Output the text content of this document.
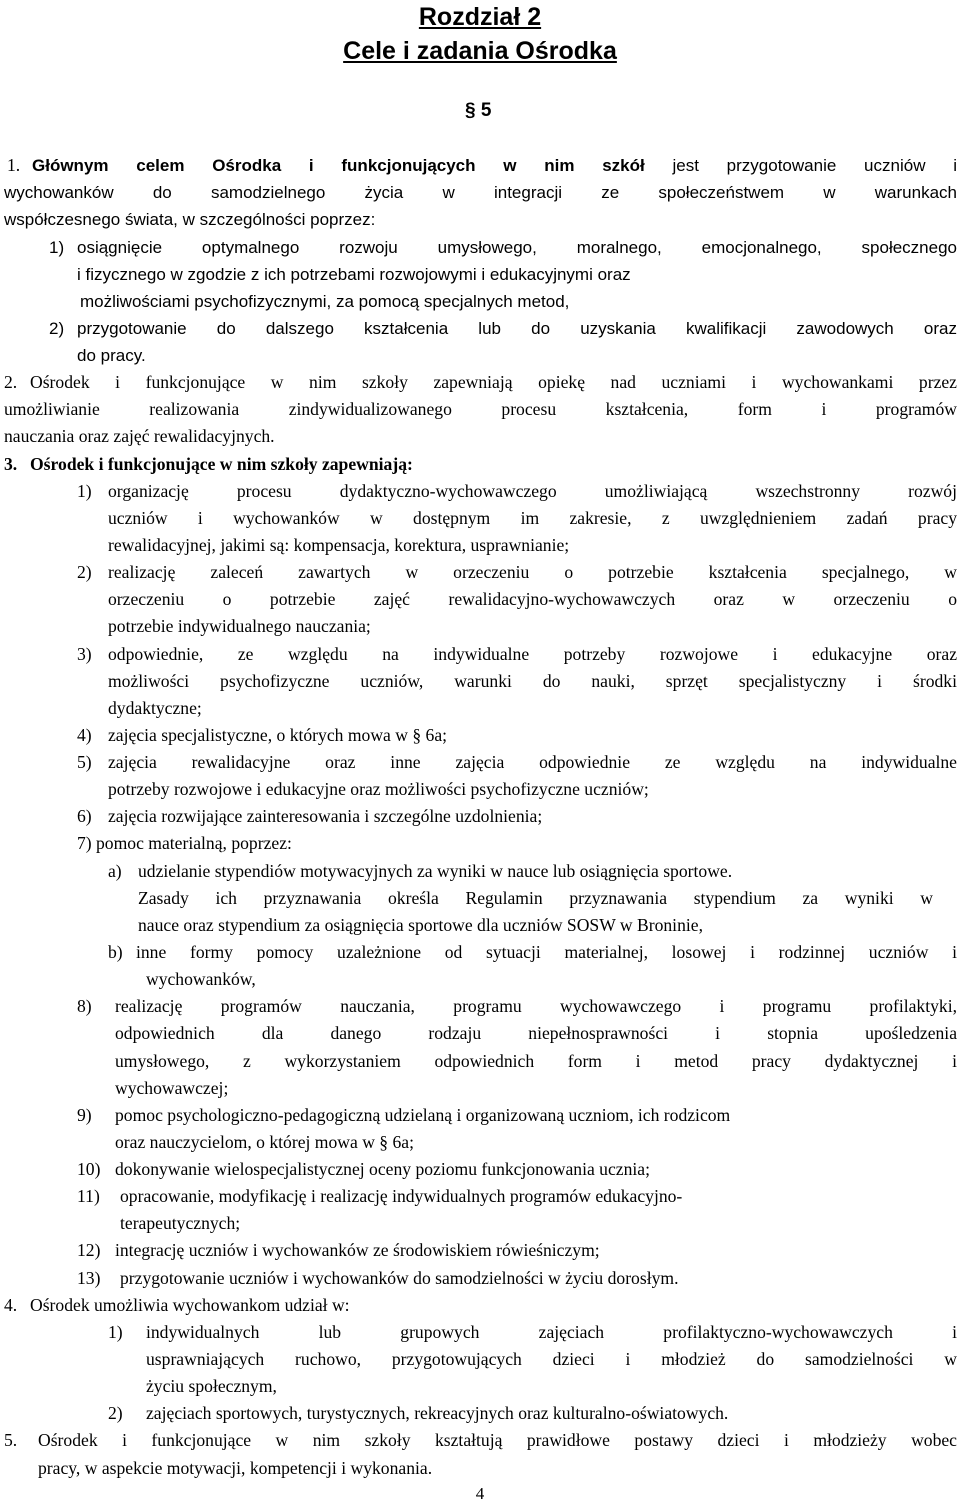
Rozdział 2
Cele i zadania Ośrodka
§ 5
1. Głównym celem Ośrodka i funkcjonujących w nim szkół jest przygotowanie uczniów i
wychowanków do samodzielnego życia w integracji ze społeczeństwem w warunkach
współczesnego świata, w szczególności poprzez:
1) osiągnięcie optymalnego rozwoju umysłowego, moralnego, emocjonalnego, społecznego
i fizycznego w zgodzie z ich potrzebami rozwojowymi i edukacyjnymi oraz
możliwościami psychofizycznymi, za pomocą specjalnych metod,
2) przygotowanie do dalszego kształcenia lub do uzyskania kwalifikacji zawodowych oraz
do pracy.
2. Ośrodek i funkcjonujące w nim szkoły zapewniają opiekę nad uczniami i wychowankami przez
umożliwianie realizowania zindywidualizowanego procesu kształcenia, form i programów
nauczania oraz zajęć rewalidacyjnych.
3. Ośrodek i funkcjonujące w nim szkoły zapewniają:
1) organizację procesu dydaktyczno-wychowawczego umożliwiającą wszechstronny rozwój
uczniów i wychowanków w dostępnym im zakresie, z uwzględnieniem zadań pracy
rewalidacyjnej, jakimi są: kompensacja, korektura, usprawnianie;
2) realizację zaleceń zawartych w orzeczeniu o potrzebie kształcenia specjalnego, w
orzeczeniu o potrzebie zajęć rewalidacyjno-wychowawczych oraz w orzeczeniu o
potrzebie indywidualnego nauczania;
3) odpowiednie, ze względu na indywidualne potrzeby rozwojowe i edukacyjne oraz
możliwości psychofizyczne uczniów, warunki do nauki, sprzęt specjalistyczny i środki
dydaktyczne;
4) zajęcia specjalistyczne, o których mowa w § 6a;
5) zajęcia rewalidacyjne oraz inne zajęcia odpowiednie ze względu na indywidualne
potrzeby rozwojowe i edukacyjne oraz możliwości psychofizyczne uczniów;
6) zajęcia rozwijające zainteresowania i szczególne uzdolnienia;
7) pomoc materialną, poprzez:
a) udzielanie stypendiów motywacyjnych za wyniki w nauce lub osiągnięcia sportowe.
Zasady ich przyznawania określa Regulamin przyznawania stypendium za wyniki w
nauce oraz stypendium za osiągnięcia sportowe dla uczniów SOSW w Broninie,
b) inne formy pomocy uzależnione od sytuacji materialnej, losowej i rodzinnej uczniów i
wychowanków,
8) realizację programów nauczania, programu wychowawczego i programu profilaktyki,
odpowiednich dla danego rodzaju niepełnosprawności i stopnia upośledzenia
umysłowego, z wykorzystaniem odpowiednich form i metod pracy dydaktycznej i
wychowawczej;
9) pomoc psychologiczno-pedagogiczną udzielaną i organizowaną uczniom, ich rodzicom
oraz nauczycielom, o której mowa w § 6a;
10) dokonywanie wielospecjalistycznej oceny poziomu funkcjonowania ucznia;
11) opracowanie, modyfikację i realizację indywidualnych programów edukacyjno-
terapeutycznych;
12) integrację uczniów i wychowanków ze środowiskiem rówieśniczym;
13) przygotowanie uczniów i wychowanków do samodzielności w życiu dorosłym.
4. Ośrodek umożliwia wychowankom udział w:
1) indywidualnych lub grupowych zajęciach profilaktyczno-wychowawczych i
usprawniających ruchowo, przygotowujących dzieci i młodzież do samodzielności w
życiu społecznym,
2) zajęciach sportowych, turystycznych, rekreacyjnych oraz kulturalno-oświatowych.
5. Ośrodek i funkcjonujące w nim szkoły kształtują prawidłowe postawy dzieci i młodzieży wobec
pracy, w aspekcie motywacji, kompetencji i wykonania.
4
